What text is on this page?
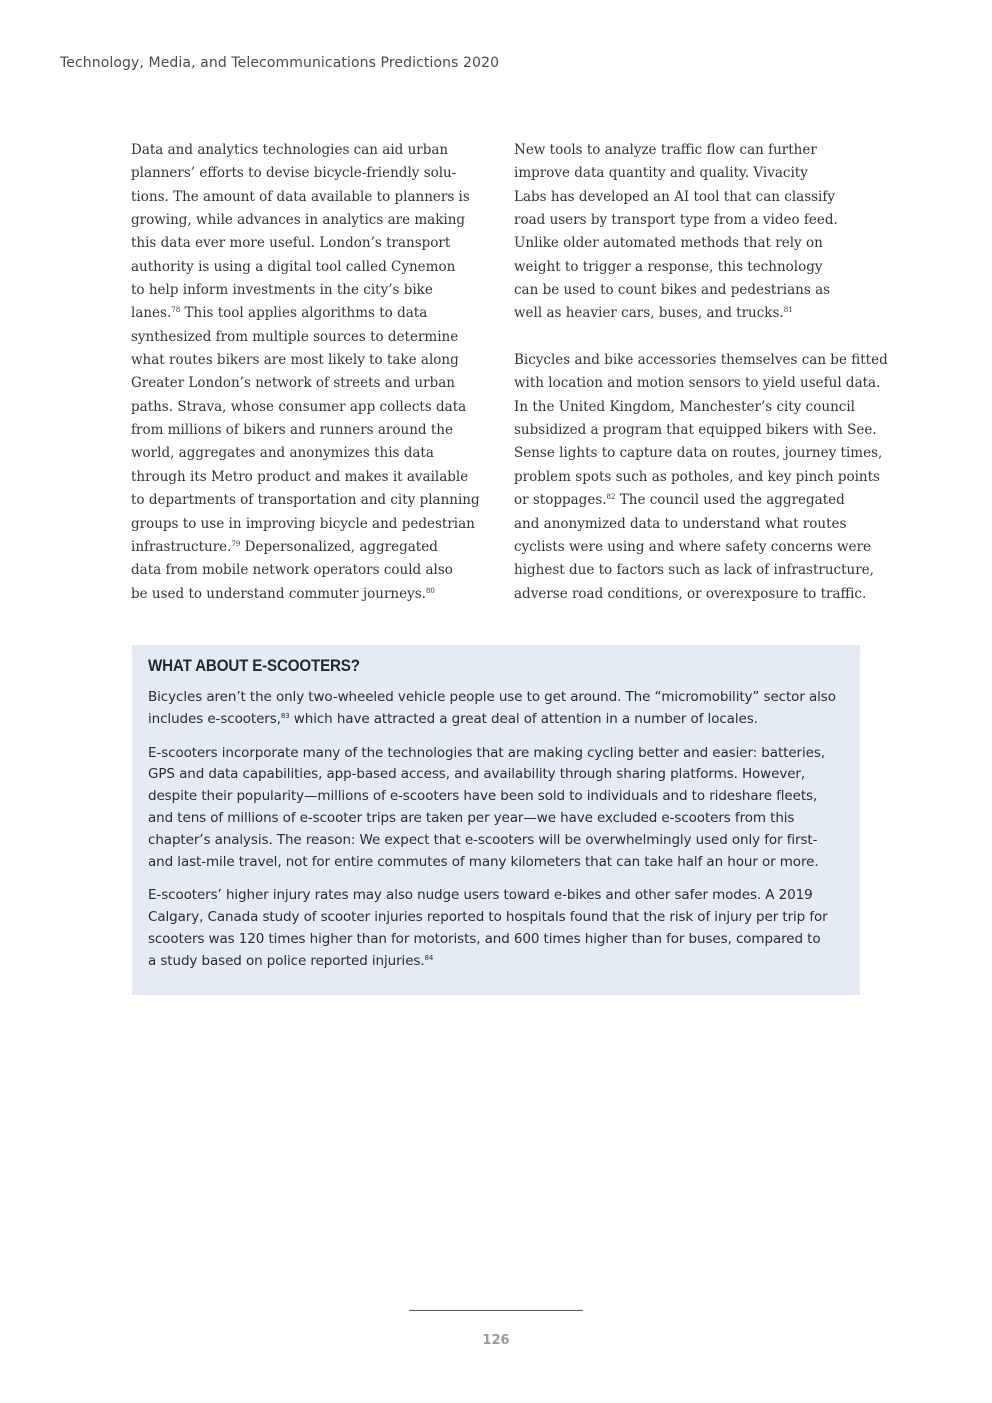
Technology, Media, and Telecommunications Predictions 2020
Data and analytics technologies can aid urban
planners’ efforts to devise bicycle-friendly solu-
tions. The amount of data available to planners is
growing, while advances in analytics are making
this data ever more useful. London’s transport
authority is using a digital tool called Cynemon
to help inform investments in the city’s bike
lanes.$^{78}$ This tool applies algorithms to data
synthesized from multiple sources to determine
what routes bikers are most likely to take along
Greater London’s network of streets and urban
paths. Strava, whose consumer app collects data
from millions of bikers and runners around the
world, aggregates and anonymizes this data
through its Metro product and makes it available
to departments of transportation and city planning
groups to use in improving bicycle and pedestrian
infrastructure.$^{79}$ Depersonalized, aggregated
data from mobile network operators could also
be used to understand commuter journeys.$^{80}$
New tools to analyze traffic flow can further
improve data quantity and quality. Vivacity
Labs has developed an AI tool that can classify
road users by transport type from a video feed.
Unlike older automated methods that rely on
weight to trigger a response, this technology
can be used to count bikes and pedestrians as
well as heavier cars, buses, and trucks.$^{81}$
Bicycles and bike accessories themselves can be fitted
with location and motion sensors to yield useful data.
In the United Kingdom, Manchester’s city council
subsidized a program that equipped bikers with See.
Sense lights to capture data on routes, journey times,
problem spots such as potholes, and key pinch points
or stoppages.$^{82}$ The council used the aggregated
and anonymized data to understand what routes
cyclists were using and where safety concerns were
highest due to factors such as lack of infrastructure,
adverse road conditions, or overexposure to traffic.
WHAT ABOUT E-SCOOTERS?
Bicycles aren’t the only two-wheeled vehicle people use to get around. The “micromobility” sector also
includes e-scooters,$^{83}$ which have attracted a great deal of attention in a number of locales.
E-scooters incorporate many of the technologies that are making cycling better and easier: batteries,
GPS and data capabilities, app-based access, and availability through sharing platforms. However,
despite their popularity—millions of e-scooters have been sold to individuals and to rideshare fleets,
and tens of millions of e-scooter trips are taken per year—we have excluded e-scooters from this
chapter’s analysis. The reason: We expect that e-scooters will be overwhelmingly used only for first-
and last-mile travel, not for entire commutes of many kilometers that can take half an hour or more.
E-scooters’ higher injury rates may also nudge users toward e-bikes and other safer modes. A 2019
Calgary, Canada study of scooter injuries reported to hospitals found that the risk of injury per trip for
scooters was 120 times higher than for motorists, and 600 times higher than for buses, compared to
a study based on police reported injuries.$^{84}$
126
